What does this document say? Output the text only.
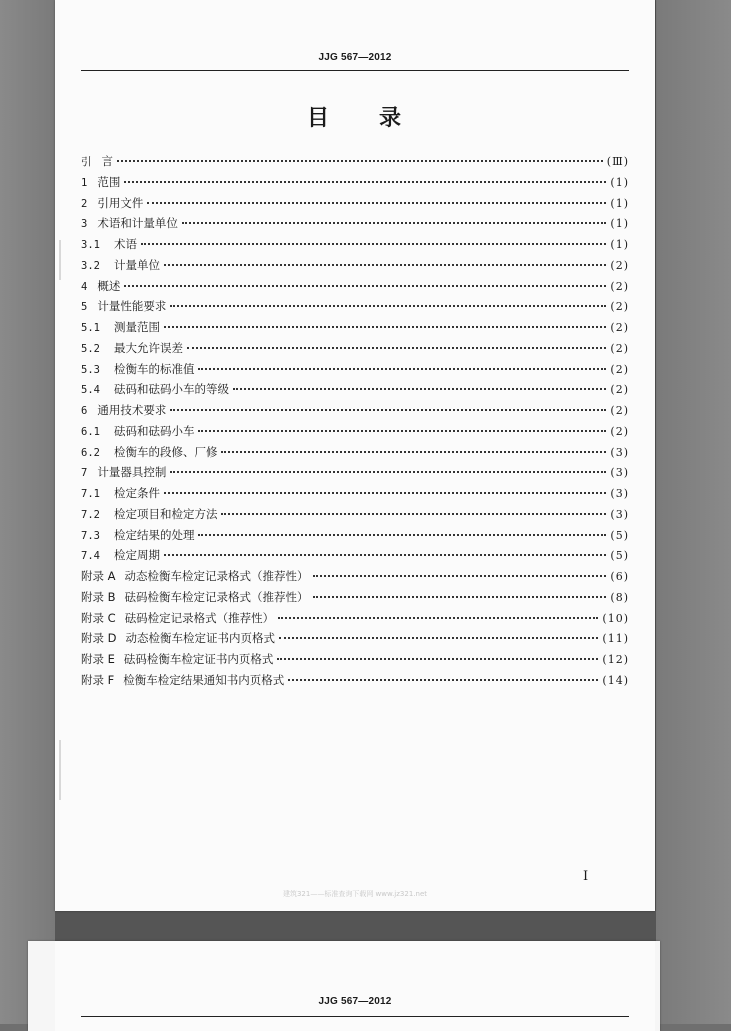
JJG 567—2012
目 录
引 言	(Ⅲ)
1 范围	(1)
2 引用文件	(1)
3 术语和计量单位	(1)
3.1 术语	(1)
3.2 计量单位	(2)
4 概述	(2)
5 计量性能要求	(2)
5.1 测量范围	(2)
5.2 最大允许误差	(2)
5.3 检衡车的标准值	(2)
5.4 砝码和砝码小车的等级	(2)
6 通用技术要求	(2)
6.1 砝码和砝码小车	(2)
6.2 检衡车的段修、厂修	(3)
7 计量器具控制	(3)
7.1 检定条件	(3)
7.2 检定项目和检定方法	(3)
7.3 检定结果的处理	(5)
7.4 检定周期	(5)
附录 A 动态检衡车检定记录格式（推荐性）	(6)
附录 B 砝码检衡车检定记录格式（推荐性）	(8)
附录 C 砝码检定记录格式（推荐性）	(10)
附录 D 动态检衡车检定证书内页格式	(11)
附录 E 砝码检衡车检定证书内页格式	(12)
附录 F 检衡车检定结果通知书内页格式	(14)
I
建筑321——标准查询下载网 www.jz321.net
JJG 567—2012
